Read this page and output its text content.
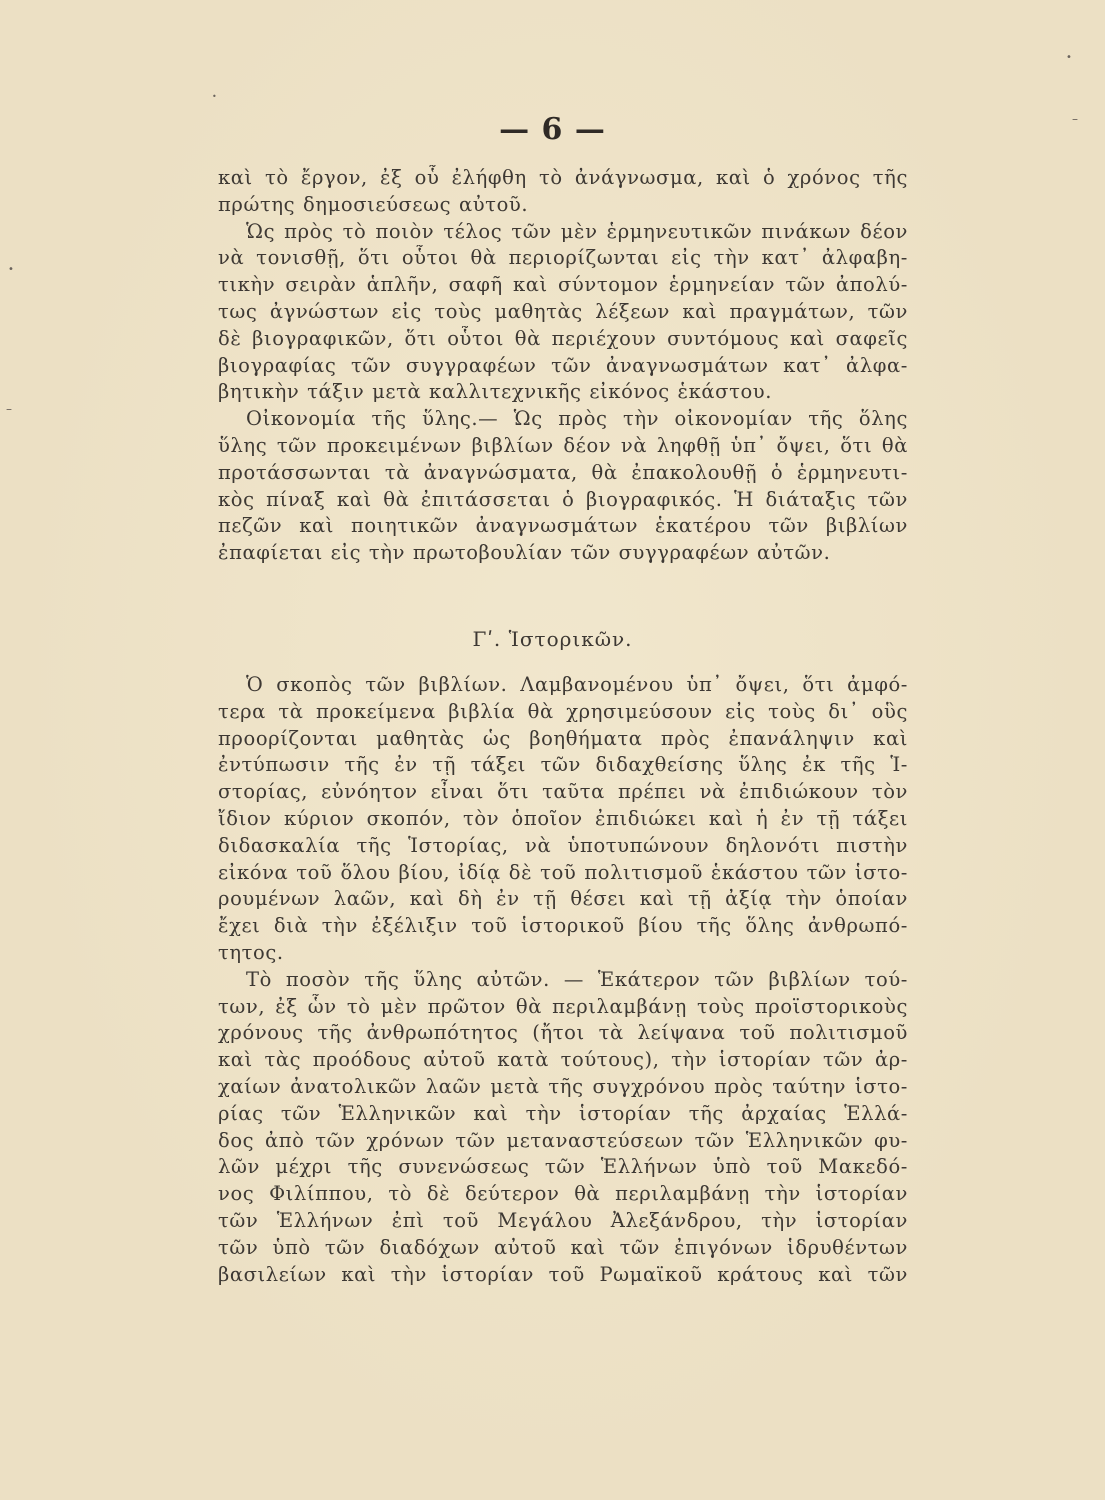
— 6 —
καὶ τὸ ἔργον, ἐξ οὗ ἐλήφθη τὸ ἀνάγνωσμα, καὶ ὁ χρόνος τῆς
πρώτης δημοσιεύσεως αὐτοῦ.
Ὡς πρὸς τὸ ποιὸν τέλος τῶν μὲν ἑρμηνευτικῶν πινάκων δέον
νὰ τονισθῇ, ὅτι οὗτοι θὰ περιορίζωνται εἰς τὴν κατ᾽ ἀλφαβη-
τικὴν σειρὰν ἁπλῆν, σαφῆ καὶ σύντομον ἑρμηνείαν τῶν ἀπολύ-
τως ἀγνώστων εἰς τοὺς μαθητὰς λέξεων καὶ πραγμάτων, τῶν
δὲ βιογραφικῶν, ὅτι οὗτοι θὰ περιέχουν συντόμους καὶ σαφεῖς
βιογραφίας τῶν συγγραφέων τῶν ἀναγνωσμάτων κατ᾽ ἀλφα-
βητικὴν τάξιν μετὰ καλλιτεχνικῆς εἰκόνος ἑκάστου.
Οἰκονομία τῆς ὕλης.— Ὡς πρὸς τὴν οἰκονομίαν τῆς ὅλης
ὕλης τῶν προκειμένων βιβλίων δέον νὰ ληφθῇ ὑπ᾽ ὄψει, ὅτι θὰ
προτάσσωνται τὰ ἀναγνώσματα, θὰ ἐπακολουθῇ ὁ ἑρμηνευτι-
κὸς πίναξ καὶ θὰ ἐπιτάσσεται ὁ βιογραφικός. Ἡ διάταξις τῶν
πεζῶν καὶ ποιητικῶν ἀναγνωσμάτων ἑκατέρου τῶν βιβλίων
ἐπαφίεται εἰς τὴν πρωτοβουλίαν τῶν συγγραφέων αὐτῶν.
Γʹ. Ἱστορικῶν.
Ὁ σκοπὸς τῶν βιβλίων. Λαμβανομένου ὑπ᾽ ὄψει, ὅτι ἀμφό-
τερα τὰ προκείμενα βιβλία θὰ χρησιμεύσουν εἰς τοὺς δι᾽ οὓς
προορίζονται μαθητὰς ὡς βοηθήματα πρὸς ἐπανάληψιν καὶ
ἐντύπωσιν τῆς ἐν τῇ τάξει τῶν διδαχθείσης ὕλης ἐκ τῆς Ἱ-
στορίας, εὐνόητον εἶναι ὅτι ταῦτα πρέπει νὰ ἐπιδιώκουν τὸν
ἴδιον κύριον σκοπόν, τὸν ὁποῖον ἐπιδιώκει καὶ ἡ ἐν τῇ τάξει
διδασκαλία τῆς Ἱστορίας, νὰ ὑποτυπώνουν δηλονότι πιστὴν
εἰκόνα τοῦ ὅλου βίου, ἰδίᾳ δὲ τοῦ πολιτισμοῦ ἑκάστου τῶν ἱστο-
ρουμένων λαῶν, καὶ δὴ ἐν τῇ θέσει καὶ τῇ ἀξίᾳ τὴν ὁποίαν
ἔχει διὰ τὴν ἐξέλιξιν τοῦ ἱστορικοῦ βίου τῆς ὅλης ἀνθρωπό-
τητος.
Τὸ ποσὸν τῆς ὕλης αὐτῶν. — Ἑκάτερον τῶν βιβλίων τού-
των, ἐξ ὧν τὸ μὲν πρῶτον θὰ περιλαμβάνῃ τοὺς προϊστορικοὺς
χρόνους τῆς ἀνθρωπότητος (ἤτοι τὰ λείψανα τοῦ πολιτισμοῦ
καὶ τὰς προόδους αὐτοῦ κατὰ τούτους), τὴν ἱστορίαν τῶν ἀρ-
χαίων ἀνατολικῶν λαῶν μετὰ τῆς συγχρόνου πρὸς ταύτην ἱστο-
ρίας τῶν Ἑλληνικῶν καὶ τὴν ἱστορίαν τῆς ἀρχαίας Ἑλλά-
δος ἀπὸ τῶν χρόνων τῶν μεταναστεύσεων τῶν Ἑλληνικῶν φυ-
λῶν μέχρι τῆς συνενώσεως τῶν Ἑλλήνων ὑπὸ τοῦ Μακεδό-
νος Φιλίππου, τὸ δὲ δεύτερον θὰ περιλαμβάνῃ τὴν ἱστορίαν
τῶν Ἑλλήνων ἐπὶ τοῦ Μεγάλου Ἀλεξάνδρου, τὴν ἱστορίαν
τῶν ὑπὸ τῶν διαδόχων αὐτοῦ καὶ τῶν ἐπιγόνων ἱδρυθέντων
βασιλείων καὶ τὴν ἱστορίαν τοῦ Ρωμαϊκοῦ κράτους καὶ τῶν
•
–
•
–
•
